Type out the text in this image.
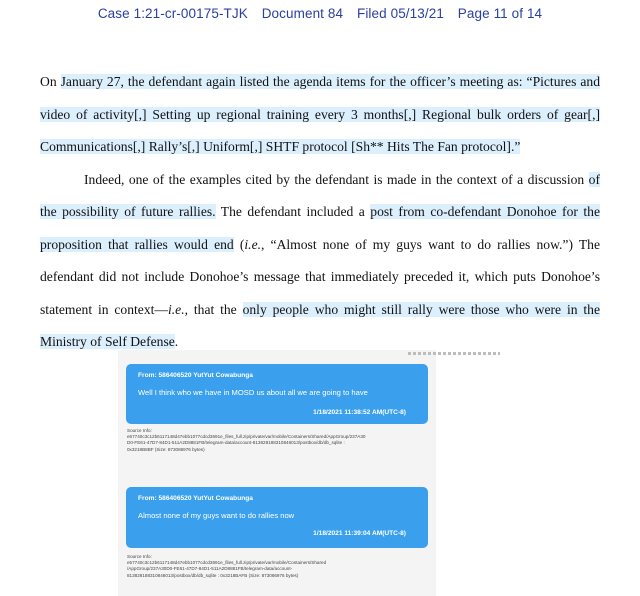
Case 1:21-cr-00175-TJK Document 84 Filed 05/13/21 Page 11 of 14

On January 27, the defendant again listed the agenda items for the officer’s meeting as: “Pictures and video of activity[,] Setting up regional training every 3 months[,] Regional bulk orders of gear[,] Communications[,] Rally’s[,] Uniform[,] SHTF protocol [Sh** Hits The Fan protocol].”

Indeed, one of the examples cited by the defendant is made in the context of a discussion of the possibility of future rallies. The defendant included a post from co-defendant Donohoe for the proposition that rallies would end (i.e., “Almost none of my guys want to do rallies now.”) The defendant did not include Donohoe’s message that immediately preceded it, which puts Donohoe’s statement in context—i.e., that the only people who might still rally were those who were in the Ministry of Self Defense.

From: 586406520 YutYut Cowabunga
Well I think who we have in MOSD us about all we are going to have
1/18/2021 11:38:52 AM(UTC-8)
Source Info:
e57740c3c12b6117148d47ebb1077cdcd3691e_files_full.zip/private/var/mobile/Containers/Shared/AppGroup/237A30
D0-FE61-47D7-84D1-511A2D8881FB/telegram-data/account-813828188310846013/postbox/db/db_sqlite :
0x3218B8BF (Size: 873086976 bytes)
From: 586406520 YutYut Cowabunga
Almost none of my guys want to do rallies now
1/18/2021 11:39:04 AM(UTC-8)
Source Info:
e57740c3c12b6117148d47ebb1077cdcd3691e_files_full.zip/private/var/mobile/Containers/Shared
/AppGroup/237A30D0-FE61-47D7-84D1-511A2D8881FB/telegram-data/account-
813828188310846013/postbox/db/db_sqlite : 0x3218BAFB (Size: 873086976 bytes)
